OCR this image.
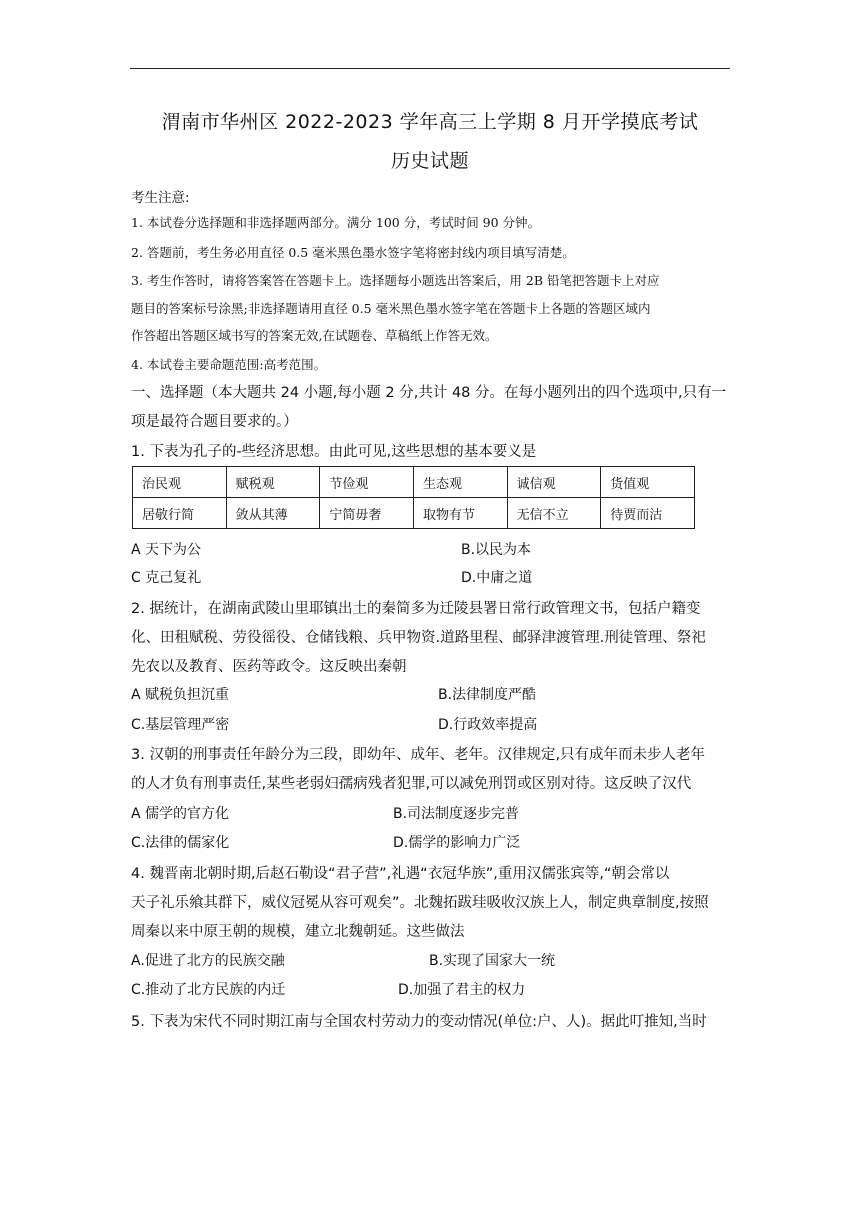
渭南市华州区 2022-2023 学年高三上学期 8 月开学摸底考试
历史试题
考生注意:
1. 本试卷分选择题和非选择题两部分。满分 100 分，考试时间 90 分钟。
2. 答题前，考生务必用直径 0.5 毫米黑色墨水签字笔将密封线内项目填写清楚。
3. 考生作答时，请将答案答在答题卡上。选择题每小题选出答案后，用 2B 铅笔把答题卡上对应
题目的答案标号涂黑;非选择题请用直径 0.5 毫米黑色墨水签字笔在答题卡上各题的答题区域内
作答超出答题区域书写的答案无效,在试题卷、草稿纸上作答无效。
4. 本试卷主要命题范围:高考范围。
一、选择题（本大题共 24 小题,每小题 2 分,共计 48 分。在每小题列出的四个选项中,只有一
项是最符合题目要求的。）
1. 下表为孔子的-些经济思想。由此可见,这些思想的基本要义是
治民观	赋税观	节俭观	生态观	诚信观	货值观
居敬行简	敛从其薄	宁简毋奢	取物有节	无信不立	待贾而沽
A 天下为公	B.以民为本
C 克己复礼	D.中庸之道
2. 据统计，在湖南武陵山里耶镇出土的秦简多为迁陵县署日常行政管理文书，包括户籍变
化、田租赋税、劳役徭役、仓储钱粮、兵甲物资.道路里程、邮驿津渡管理.刑徒管理、祭祀
先农以及教育、医药等政令。这反映出秦朝
A 赋税负担沉重	B.法律制度严酷
C.基层管理严密	D.行政效率提高
3. 汉朝的刑事责任年龄分为三段，即幼年、成年、老年。汉律规定,只有成年而未步人老年
的人才负有刑事责任,某些老弱妇孺病残者犯罪,可以减免刑罚或区别对待。这反映了汉代
A 儒学的官方化	B.司法制度逐步完普
C.法律的儒家化	D.儒学的影响力广泛
4. 魏晋南北朝时期,后赵石勒设“君子营”,礼遇“衣冠华族”,重用汉儒张宾等,“朝会常以
天子礼乐飨其群下，威仪冠冕从容可观矣”。北魏拓跋珪吸收汉族上人，制定典章制度,按照
周秦以来中原王朝的规模，建立北魏朝延。这些做法
A.促进了北方的民族交融	B.实现了国家大一统
C.推动了北方民族的内迁	D.加强了君主的权力
5. 下表为宋代不同时期江南与全国农村劳动力的变动情况(单位:户、人)。据此叮推知,当时
